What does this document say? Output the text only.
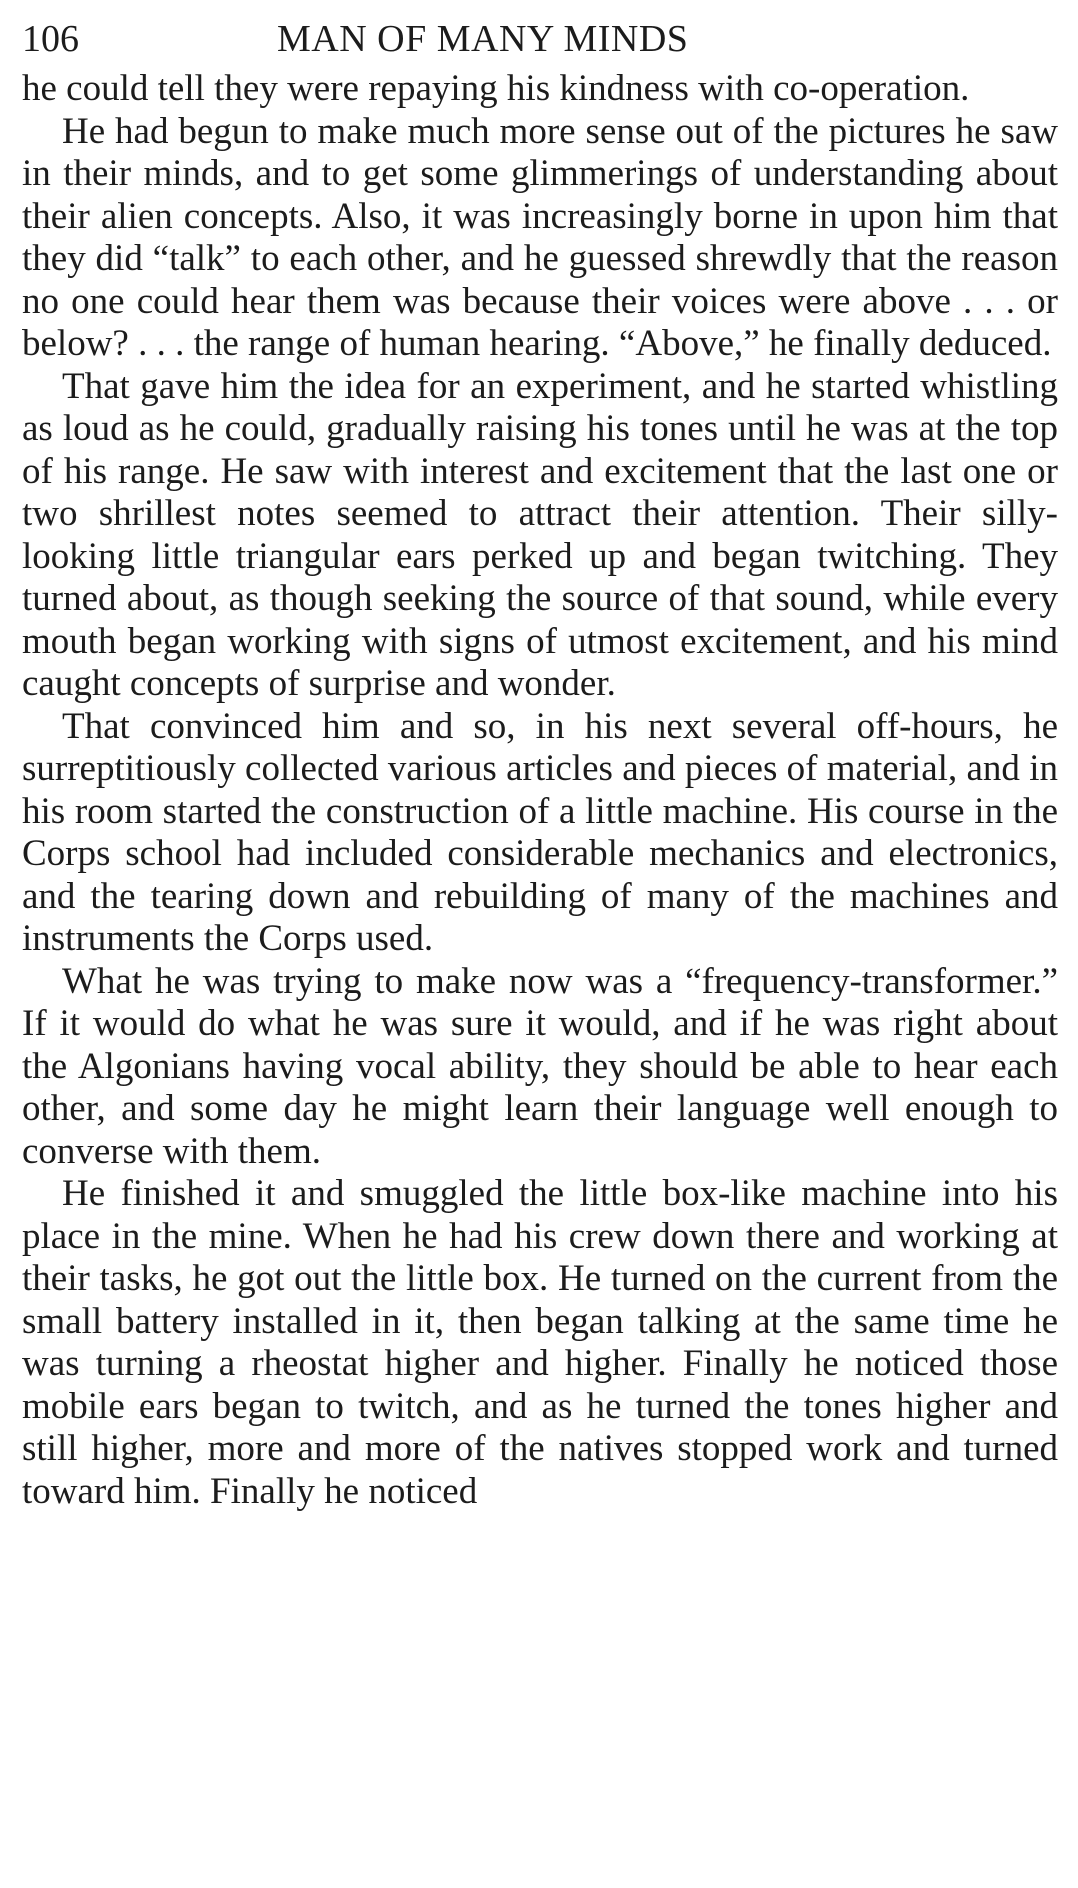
106	MAN OF MANY MINDS

he could tell they were repaying his kindness with co-operation.

He had begun to make much more sense out of the pictures he saw in their minds, and to get some glimmerings of understanding about their alien concepts. Also, it was increasingly borne in upon him that they did “talk” to each other, and he guessed shrewdly that the reason no one could hear them was because their voices were above . . . or below? . . . the range of human hearing. “Above,” he finally deduced.

That gave him the idea for an experiment, and he started whistling as loud as he could, gradually raising his tones until he was at the top of his range. He saw with interest and excitement that the last one or two shrillest notes seemed to attract their attention. Their silly-looking little triangular ears perked up and began twitching. They turned about, as though seeking the source of that sound, while every mouth began working with signs of utmost excitement, and his mind caught concepts of surprise and wonder.

That convinced him and so, in his next several off-hours, he surreptitiously collected various articles and pieces of material, and in his room started the construction of a little machine. His course in the Corps school had included considerable mechanics and electronics, and the tearing down and rebuilding of many of the machines and instruments the Corps used.

What he was trying to make now was a “frequency-transformer.” If it would do what he was sure it would, and if he was right about the Algonians having vocal ability, they should be able to hear each other, and some day he might learn their language well enough to converse with them.

He finished it and smuggled the little box-like machine into his place in the mine. When he had his crew down there and working at their tasks, he got out the little box. He turned on the current from the small battery installed in it, then began talking at the same time he was turning a rheostat higher and higher. Finally he noticed those mobile ears began to twitch, and as he turned the tones higher and still higher, more and more of the natives stopped work and turned toward him. Finally he noticed
